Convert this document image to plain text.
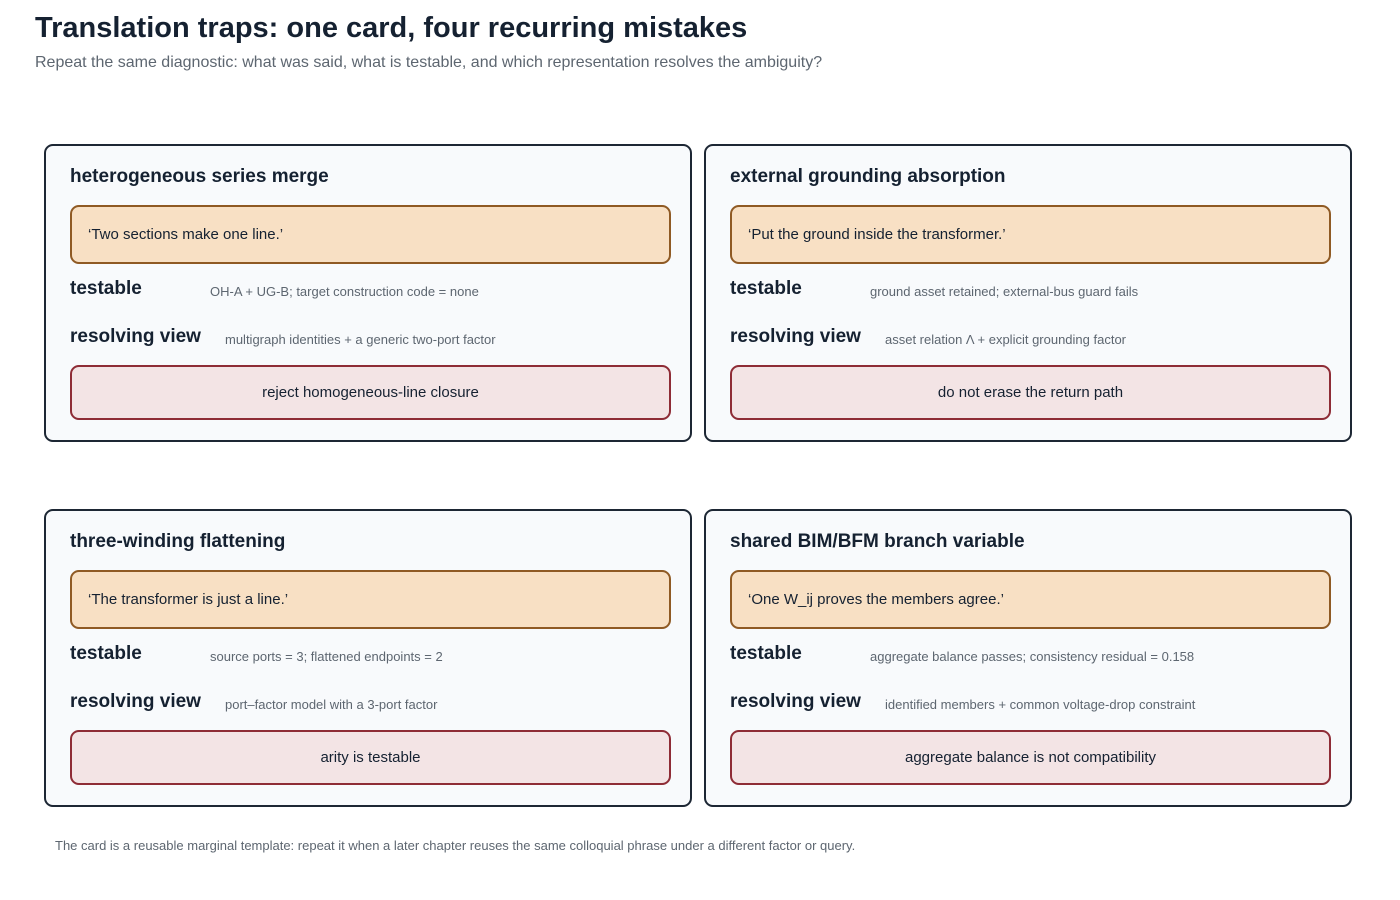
Translation traps: one card, four recurring mistakes
Repeat the same diagnostic: what was said, what is testable, and which representation resolves the ambiguity?
heterogeneous series merge
‘Two sections make one line.’
testable	OH-A + UG-B; target construction code = none
resolving view multigraph identities + a generic two-port factor
reject homogeneous-line closure
external grounding absorption
‘Put the ground inside the transformer.’
testable	ground asset retained; external-bus guard fails
resolving view asset relation Λ + explicit grounding factor
do not erase the return path
three-winding flattening
‘The transformer is just a line.’
testable	source ports = 3; flattened endpoints = 2
resolving view port–factor model with a 3-port factor
arity is testable
shared BIM/BFM branch variable
‘One W_ij proves the members agree.’
testable	aggregate balance passes; consistency residual = 0.158
resolving view identified members + common voltage-drop constraint
aggregate balance is not compatibility
The card is a reusable marginal template: repeat it when a later chapter reuses the same colloquial phrase under a different factor or query.
